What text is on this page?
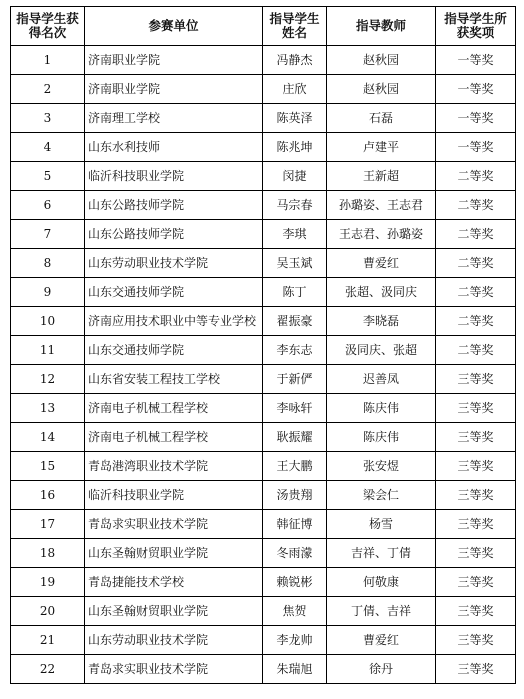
指导学生获得名次	参赛单位	指导学生姓名	指导教师	指导学生所获奖项
1	济南职业学院	冯静杰	赵秋园	一等奖
2	济南职业学院	庄欣	赵秋园	一等奖
3	济南理工学校	陈英泽	石磊	一等奖
4	山东水利技师	陈兆坤	卢建平	一等奖
5	临沂科技职业学院	闵捷	王新超	二等奖
6	山东公路技师学院	马宗春	孙璐姿、王志君	二等奖
7	山东公路技师学院	李琪	王志君、孙璐姿	二等奖
8	山东劳动职业技术学院	吴玉斌	曹爱红	二等奖
9	山东交通技师学院	陈丁	张超、汲同庆	二等奖
10	济南应用技术职业中等专业学校	翟振豪	李晓磊	二等奖
11	山东交通技师学院	李东志	汲同庆、张超	二等奖
12	山东省安装工程技工学校	于新俨	迟善凤	三等奖
13	济南电子机械工程学校	李咏轩	陈庆伟	三等奖
14	济南电子机械工程学校	耿振耀	陈庆伟	三等奖
15	青岛港湾职业技术学院	王大鹏	张安煜	三等奖
16	临沂科技职业学院	汤贵翔	梁会仁	三等奖
17	青岛求实职业技术学院	韩征博	杨雪	三等奖
18	山东圣翰财贸职业学院	冬雨濛	吉祥、丁倩	三等奖
19	青岛捷能技术学校	赖锐彬	何敬康	三等奖
20	山东圣翰财贸职业学院	焦贺	丁倩、吉祥	三等奖
21	山东劳动职业技术学院	李龙帅	曹爱红	三等奖
22	青岛求实职业技术学院	朱瑞旭	徐丹	三等奖
